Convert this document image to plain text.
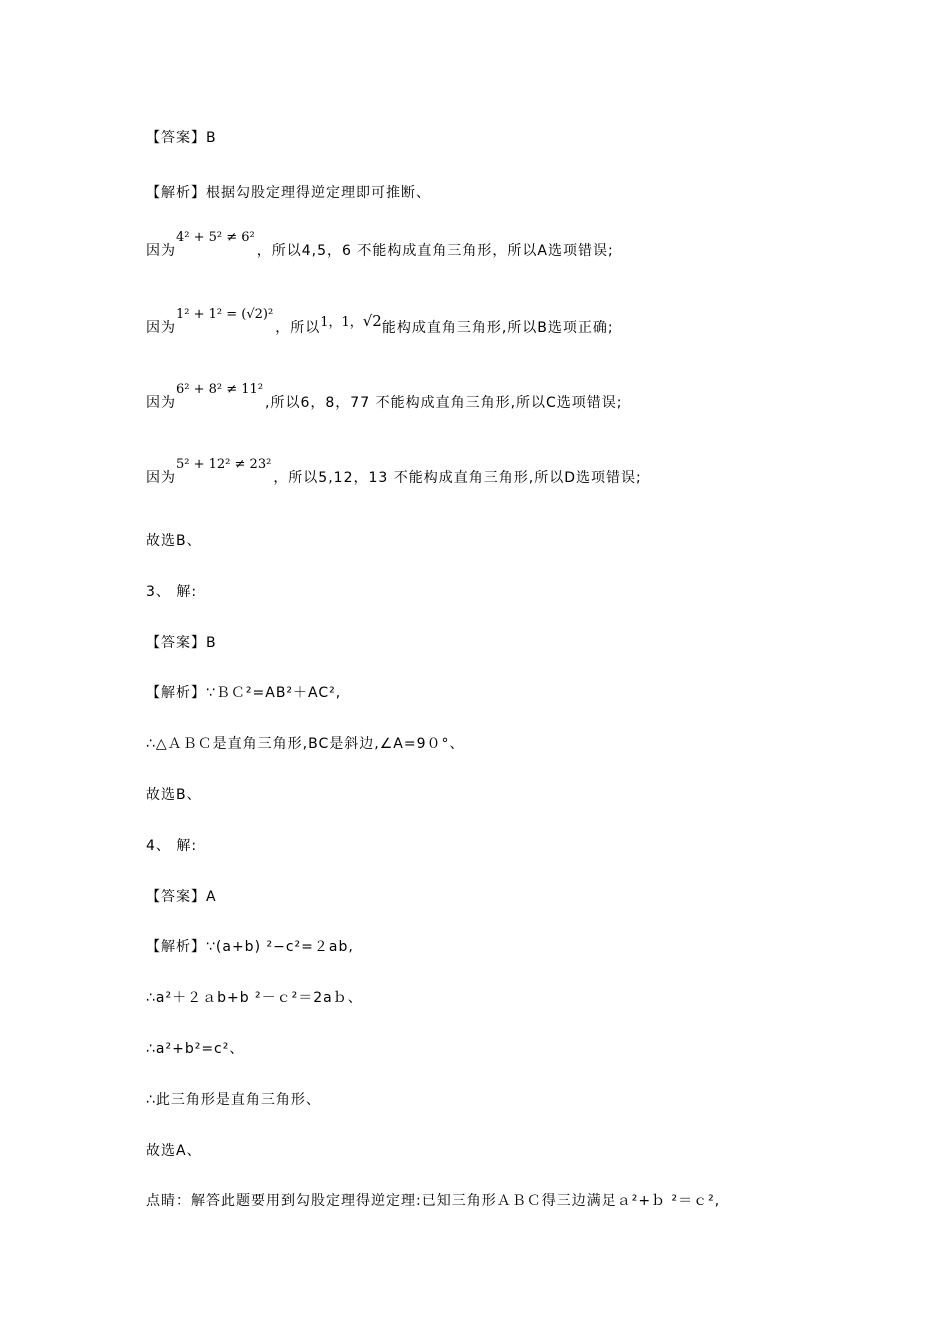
【答案】B
【解析】根据勾股定理得逆定理即可推断、
因为4² + 5² ≠ 6²，所以4,5，6 不能构成直角三角形，所以A选项错误;
因为1² + 1² = (√2)²，所以1，1，√2能构成直角三角形,所以B选项正确;
因为6² + 8² ≠ 11²,所以6，8，77 不能构成直角三角形,所以C选项错误;
因为5² + 12² ≠ 23²，所以5,12，13 不能构成直角三角形,所以D选项错误;
故选B、
3、 解:
【答案】B
【解析】∵ＢＣ²=AB²＋AC²,
∴△ＡＢＣ是直角三角形,BC是斜边,∠A=9０°、
故选B、
4、 解:
【答案】A
【解析】∵(a+b) ²−c²=２ab,
∴a²＋２ａb+b ²－ｃ²＝2aｂ、
∴a²+b²=c²、
∴此三角形是直角三角形、
故选A、
点睛：解答此题要用到勾股定理得逆定理:已知三角形ＡＢＣ得三边满足ａ²+ｂ ²＝ｃ²,
